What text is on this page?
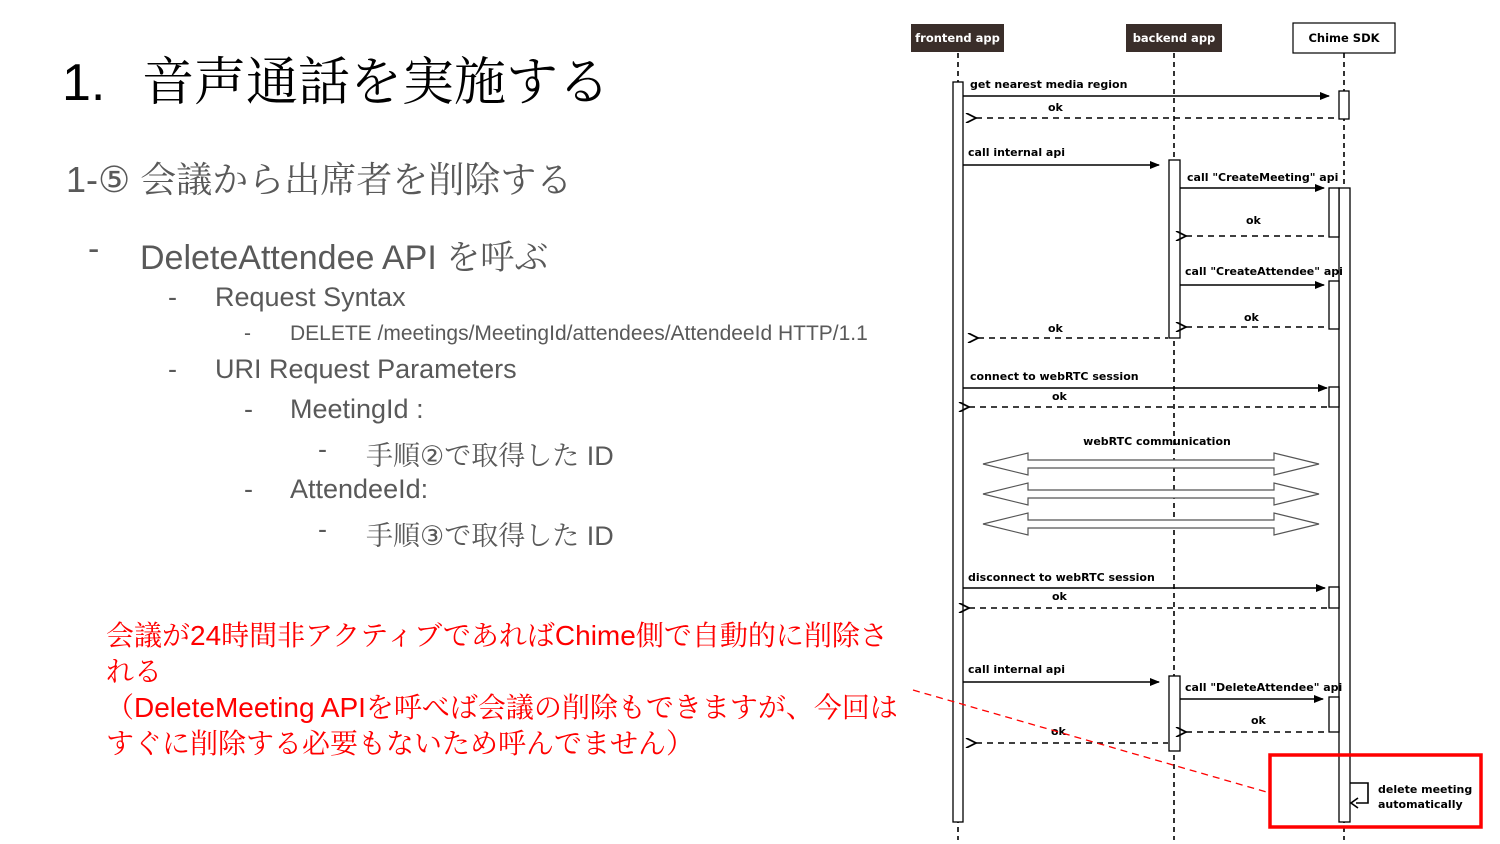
1. 音声通話を実施する
1-⑤ 会議から出席者を削除する
- DeleteAttendee API を呼ぶ
- Request Syntax
- DELETE /meetings/MeetingId/attendees/AttendeeId HTTP/1.1
- URI Request Parameters
- MeetingId :
- 手順②で取得した ID
- AttendeeId:
- 手順③で取得した ID
会議が24時間非アクティブであればChime側で自動的に削除される
（DeleteMeeting APIを呼べば会議の削除もできますが、今回はすぐに削除する必要もないため呼んでません）
frontend app	backend app	Chime SDK
get nearest media region
ok
call internal api
call "CreateMeeting" api
ok
call "CreateAttendee" api
ok
ok
connect to webRTC session
ok
webRTC communication
disconnect to webRTC session
ok
call internal api
call "DeleteAttendee" api
ok
ok
delete meeting
automatically
